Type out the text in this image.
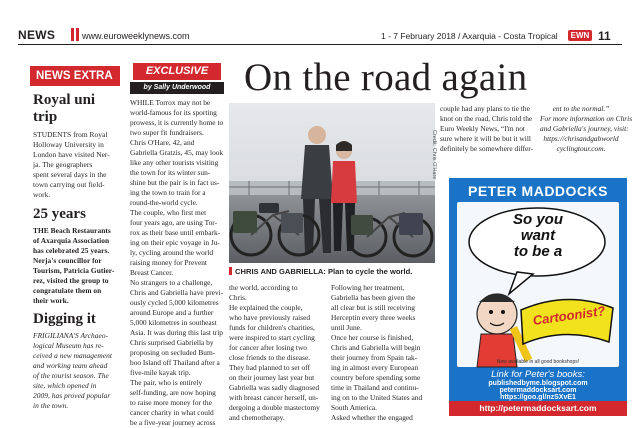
NEWS	www.euroweeklynews.com	1 - 7 February 2018 / Axarquia - Costa Tropical	EWN 11
NEWS EXTRA
Royal uni trip
STUDENTS from Royal
Holloway University in
London have visited Ner-
ja. The geographers
spent several days in the
town carrying out field-
work.
25 years
THE Beach Restaurants
of Axarquia Association
has celebrated 25 years.
Nerja's councillor for
Tourism, Patricia Gutier-
rez, visited the group to
congratulate them on
their work.
Digging it
FRIGILIANA'S Archaeo-
logical Museum has re-
ceived a new management
and working team ahead
of the tourist season. The
site, which opened in
2009, has proved popular
in the town.
EXCLUSIVE
by Sally Underwood On the road again
WHILE Torrox may not be
world-famous for its sporting
prowess, it is currently home to
two super fit fundraisers.
Chris O'Hare, 42, and
Gabriella Gratzis, 45, may look
like any other tourists visiting
the town for its winter sun-
shine but the pair is in fact us-
ing the town to train for a
round-the-world cycle.
The couple, who first met
four years ago, are using Tor-
rox as their base until embark-
ing on their epic voyage in Ju-
ly, cycling around the world
raising money for Prevent
Breast Cancer.
No strangers to a challenge,
Chris and Gabriella have previ-
ously cycled 5,000 kilometres
around Europe and a further
5,000 kilometres in southeast
Asia. It was during this last trip
Chris surprised Gabriella by
proposing on secluded Bum-
boo Island off Thailand after a
five-mile kayak trip.
The pair, who is entirely
self-funding, are now hoping
to raise more money for the
cancer charity in what could
be a five-year journey across
Credit: Chris O'Hare
CHRIS AND GABRIELLA: Plan to cycle the world.
the world, according to
Chris.
He explained the couple,
who have previously raised
funds for children's charities,
were inspired to start cycling
for cancer after losing two
close friends to the disease.
They had planned to set off
on their journey last year but
Gabriella was sadly diagnosed
with breast cancer herself, un-
dergoing a double mastectomy
and chemotherapy.
Following her treatment,
Gabriella has been given the
all clear but is still receiving
Herceptin every three weeks
until June.
Once her course is finished,
Chris and Gabriella will begin
their journey from Spain tak-
ing in almost every European
country before spending some
time in Thailand and continu-
ing on to the United States and
South America.
Asked whether the engaged
couple had any plans to tie the
knot on the road, Chris told the
Euro Weekly News, “I'm not
sure where it will be but it will
definitely be somewhere differ-
ent to the normal.”
For more information on Chris
and Gabriella's journey, visit:
https://chrisandgabworld
cyclingtour.com.
PETER MADDOCKS
So you
want
to be a
Cartoonist?
Now available in all good bookshops!
Link for Peter's books:
publishedbyme.blogspot.com
petermaddocksart.com
https://goo.gl/nzSXvE1
http://petermaddocksart.com
